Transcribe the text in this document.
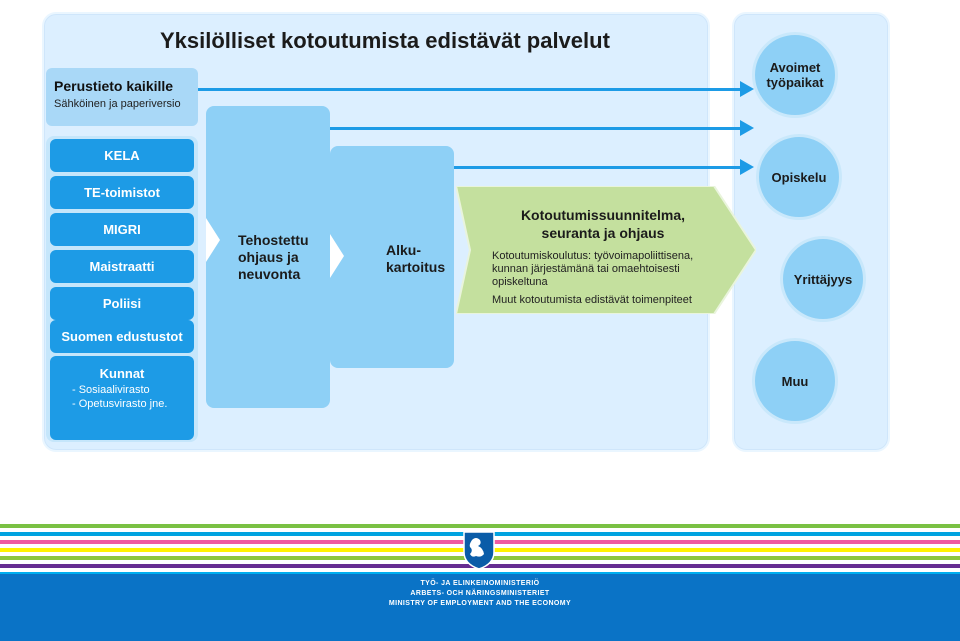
Yksilölliset kotoutumista edistävät palvelut
Perustieto kaikille
Sähköinen ja paperiversio
KELA
TE-toimistot
MIGRI
Maistraatti
Poliisi
Suomen edustustot
Kunnat
- Sosiaalivirasto
- Opetusvirasto jne.
Tehostettu
ohjaus ja
neuvonta
Alku-
kartoitus
Kotoutumissuunnitelma,
seuranta ja ohjaus
Kotoutumiskoulutus: työvoimapoliittisena,
kunnan järjestämänä tai omaehtoisesti
opiskeltuna
Muut kotoutumista edistävät toimenpiteet
Avoimet
työpaikat
Opiskelu
Yrittäjyys
Muu
TYÖ- JA ELINKEINOMINISTERIÖ
ARBETS- OCH NÄRINGSMINISTERIET
MINISTRY OF EMPLOYMENT AND THE ECONOMY
